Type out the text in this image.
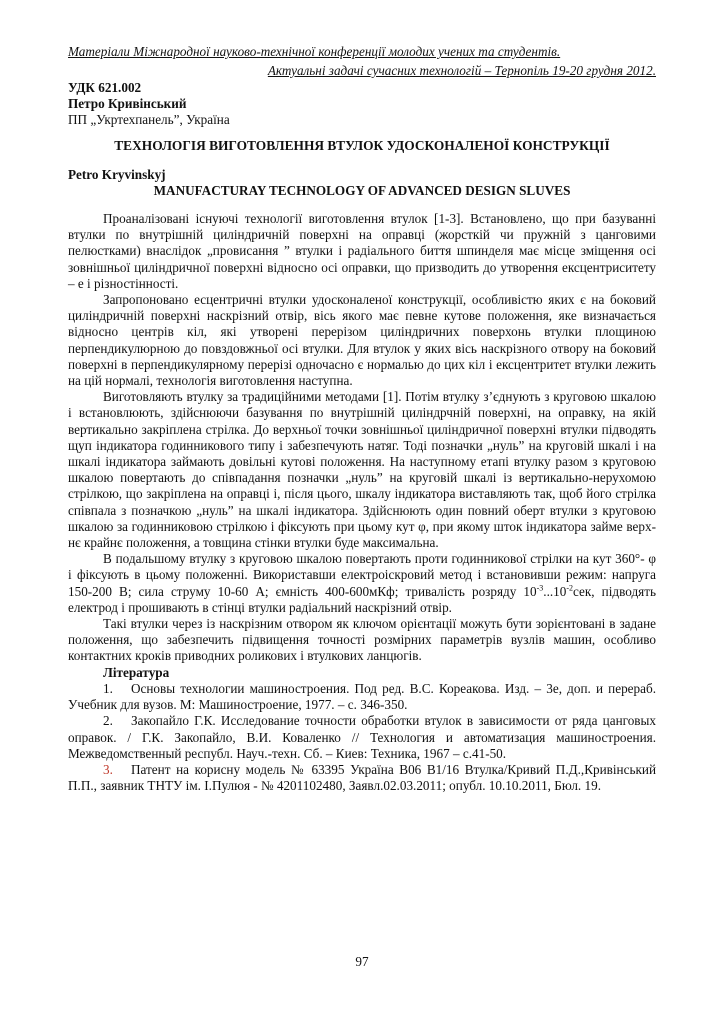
Матеріали Міжнародної науково-технічної конференції молодих учених та студентів.
Актуальні задачі сучасних технологій – Тернопіль 19-20 грудня 2012.
УДК 621.002
Петро Кривінський
ПП „Укртехпанель”, Україна
ТЕХНОЛОГІЯ ВИГОТОВЛЕННЯ ВТУЛОК УДОСКОНАЛЕНОЇ КОНСТРУКЦІЇ
Petro Kryvinskyj
MANUFACTURAY TECHNOLOGY OF ADVANCED DESIGN SLUVES

Проаналізовані існуючі технології виготовлення втулок [1-3]. Встановлено, що при базуванні втулки по внутрішній циліндричній поверхні на оправці (жорсткій чи пружній з цанговими пелюстками) внаслідок „провисання ” втулки і радіального биття шпинделя має місце зміщення осі зовнішньої циліндричної поверхні відносно осі оправки, що призводить до утворення ексцентриситету – е і різностінності.

Запропоновано есцентричні втулки удосконаленої конструкції, особливістю яких є на боковий циліндричній поверхні наскрізний отвір, вісь якого має певне кутове положення, яке визначається відносно центрів кіл, які утворені перерізом циліндричних поверхонь втулки площиною перпендикулюрною до повздовжньої осі втулки. Для втулок у яких вісь наскрізного отвору на боковий поверхні в перпендикулярному перерізі одночасно є нормалью до цих кіл і ексцентритет втулки лежить на цій нормалі, технологія виготовлення наступна.

Виготовляють втулку за традиційними методами [1]. Потім втулку з’єднують з круговою шкалою і встановлюють, здійснюючи базування по внутрішній циліндрчній поверхні, на оправку, на якій вертикально закріплена стрілка. До верхньої точки зовнішньої циліндричної поверхні втулки підводять щуп індикатора годинникового типу і забезпечують натяг. Тоді позначки „нуль” на круговій шкалі і на шкалі індикатора займають довільні кутові положення. На наступному етапі втулку разом з круговою шкалою повертають до співпадання позначки „нуль” на круговій шкалі із вертикально-нерухомою стрілкою, що закріплена на оправці і, після цього, шкалу індикатора виставляють так, щоб його стрілка співпала з позначкою „нуль” на шкалі індикатора. Здійснюють один повний оберт втулки з круговою шкалою за годинниковою стрілкою і фіксують при цьому кут φ, при якому шток індикатора займе верхнє крайнє положення, а товщина стінки втулки буде максимальна.

В подальшому втулку з круговою шкалою повертають проти годинникової стрілки на кут 360°- φ і фіксують в цьому положенні. Використавши електроіскровий метод і встановивши режим: напруга 150-200 В; сила струму 10-60 А; ємність 400-600мКф; тривалість розряду $10^{-3}...10^{-2}сек$, підводять електрод і прошивають в стінці втулки радіальний наскрізний отвір.

Такі втулки через із наскрізним отвором як ключом орієнтації можуть бути зорієнтовані в задане положення, що забезпечить підвищення точності розмірних параметрів вузлів машин, особливо контактних кроків приводних роликових і втулкових ланцюгів.

Література

1. Основы технологии машиностроения. Под ред. В.С. Кореакова. Изд. – 3е, доп. и перераб. Учебник для вузов. М: Машиностроение, 1977. – с. 346-350.

2. Закопайло Г.К. Исследование точности обработки втулок в зависимости от ряда цанговых оправок. / Г.К. Закопайло, В.И. Коваленко // Технология и автоматизация машиностроения. Межведомственный республ. Науч.-техн. Сб. – Киев: Техника, 1967 – с.41-50.

3. Патент на корисну модель № 63395 Україна В06 В1/16 Втулка/Кривий П.Д.,Кривінський П.П., заявник ТНТУ ім. І.Пулюя - № 4201102480, Заявл.02.03.2011; опубл. 10.10.2011, Бюл. 19.

97
